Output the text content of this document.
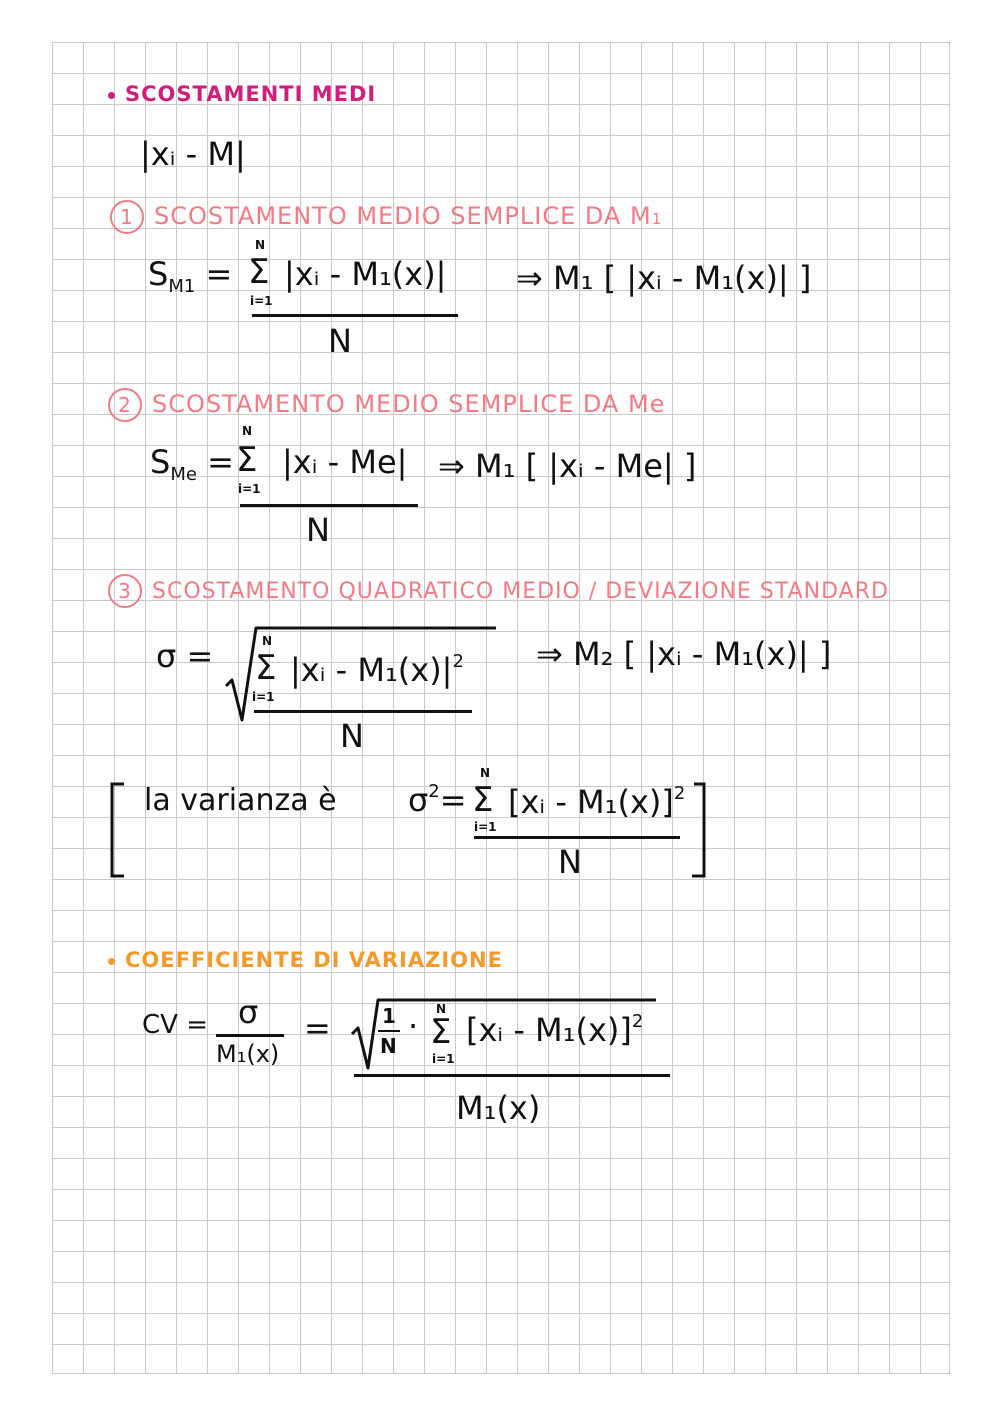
SCOSTAMENTI MEDI
|xᵢ - M|
1 SCOSTAMENTO MEDIO SEMPLICE DA M1
$S_{M1}$ =
N
Σ
i=1
|xᵢ - M₁(x)|
N
⇒ M₁ [ |xᵢ - M₁(x)| ]
2 SCOSTAMENTO MEDIO SEMPLICE DA Me
$S_{Me}$ =
N
Σ
i=1
|xᵢ - Me|
N
⇒ M₁ [ |xᵢ - Me| ]
3 SCOSTAMENTO QUADRATICO MEDIO / DEVIAZIONE STANDARD
σ =	N
Σ
i=1
|xᵢ - $M_1(x)|^2$
N
⇒ M₂ [ |xᵢ - M₁(x)| ]
la varianza è $\sigma^2=$
N
Σ
i=1
[xᵢ - M₁(x)]$^2$
N
COEFFICIENTE DI VARIAZIONE
CV = σ
M₁(x)
=	1
N
· N
Σ
i=1
[xᵢ - M₁(x)]$^2$
M₁(x)
